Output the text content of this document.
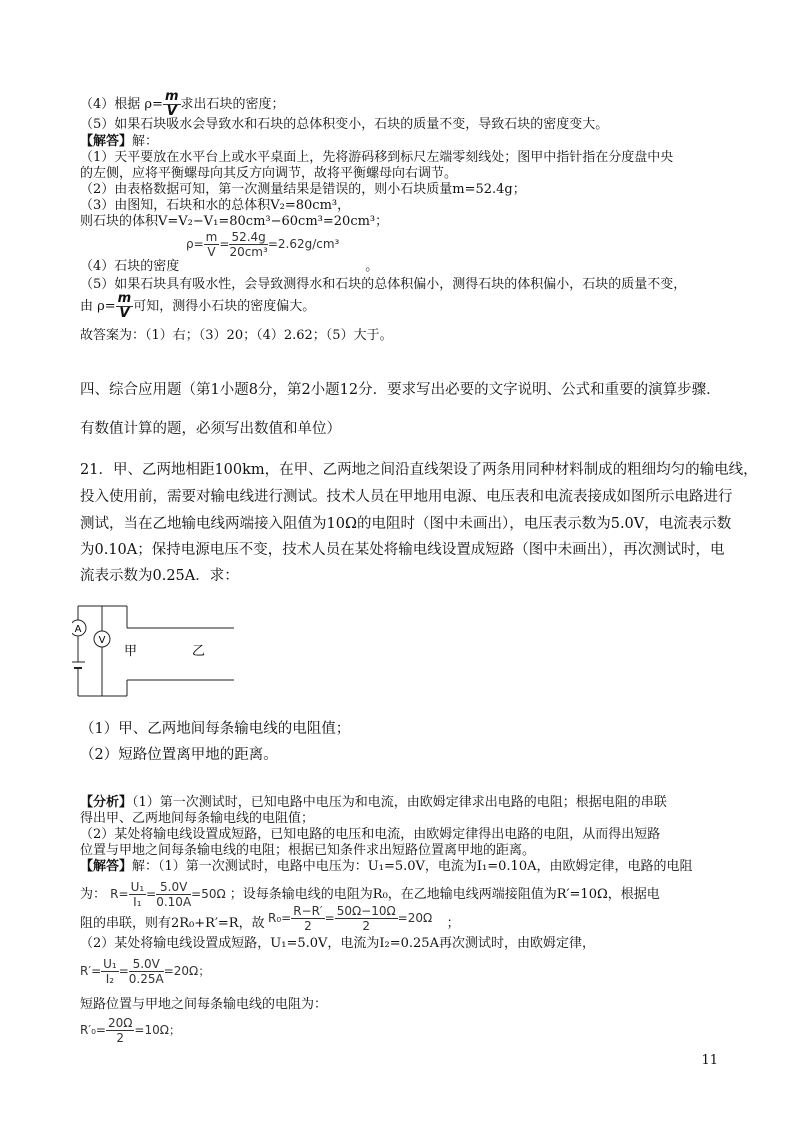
（4）根据 $\rho= \frac{m}{V}$ 求出石块的密度；
（5）如果石块吸水会导致水和石块的总体积变小，石块的质量不变，导致石块的密度变大。
【解答】解：
（1）天平要放在水平台上或水平桌面上，先将游码移到标尺左端零刻线处；图甲中指针指在分度盘中央
的左侧，应将平衡螺母向其反方向调节，故将平衡螺母向右调节。
（2）由表格数据可知，第一次测量结果是错误的，则小石块质量m=52.4g；
（3）由图知，石块和水的总体积V₂=80cm³，
则石块的体积V=V₂−V₁=80cm³−60cm³=20cm³；
$\rho= \frac{m}{V} = \frac{52.4g}{\text{20cm³}} =2.62g/cm^3$
（4）石块的密度	。
（5）如果石块具有吸水性，会导致测得水和石块的总体积偏小，测得石块的体积偏小，石块的质量不变，
由 $\rho= \frac{m}{V}$ 可知，测得小石块的密度偏大。
故答案为：（1）右；（3）20；（4）2.62；（5）大于。
四、综合应用题（第1小题8分，第2小题12分．要求写出必要的文字说明、公式和重要的演算步骤．
有数值计算的题，必须写出数值和单位）
21．甲、乙两地相距100km，在甲、乙两地之间沿直线架设了两条用同种材料制成的粗细均匀的输电线，
投入使用前，需要对输电线进行测试。技术人员在甲地用电源、电压表和电流表接成如图所示电路进行
测试，当在乙地输电线两端接入阻值为10Ω的电阻时（图中未画出），电压表示数为5.0V，电流表示数
为0.10A；保持电源电压不变，技术人员在某处将输电线设置成短路（图中未画出），再次测试时，电
流表示数为0.25A．求：
A
V
甲	乙
（1）甲、乙两地间每条输电线的电阻值；
（2）短路位置离甲地的距离。
【分析】（1）第一次测试时，已知电路中电压为和电流，由欧姆定律求出电路的电阻；根据电阻的串联
得出甲、乙两地间每条输电线的电阻值；
（2）某处将输电线设置成短路，已知电路的电压和电流，由欧姆定律得出电路的电阻，从而得出短路
位置与甲地之间每条输电线的电阻；根据已知条件求出短路位置离甲地的距离。
【解答】解：（1）第一次测试时，电路中电压为：U₁=5.0V，电流为I₁=0.10A，由欧姆定律，电路的电阻
为： $R= \frac{\text{U₁}}{\text{I₁}} = \frac{5.0V}{0.10A} =50\Omega$ ；设每条输电线的电阻为R₀，在乙地输电线两端接阻值为R′=10Ω，根据电
$R_0= \frac{R-R'}{2} = \frac{50\Omega-10\Omega}{2} =20\Omega$
阻的串联，则有2R₀+R′=R，故	；
（2）某处将输电线设置成短路，U₁=5.0V，电流为I₂=0.25A再次测试时，由欧姆定律，
$R'= \frac{\text{U₁}}{\text{I₂}} = \frac{5.0V}{0.25A} =20\Omega$；
短路位置与甲地之间每条输电线的电阻为：
$R'_0= \frac{20\Omega}{2} =10\Omega$；
11
